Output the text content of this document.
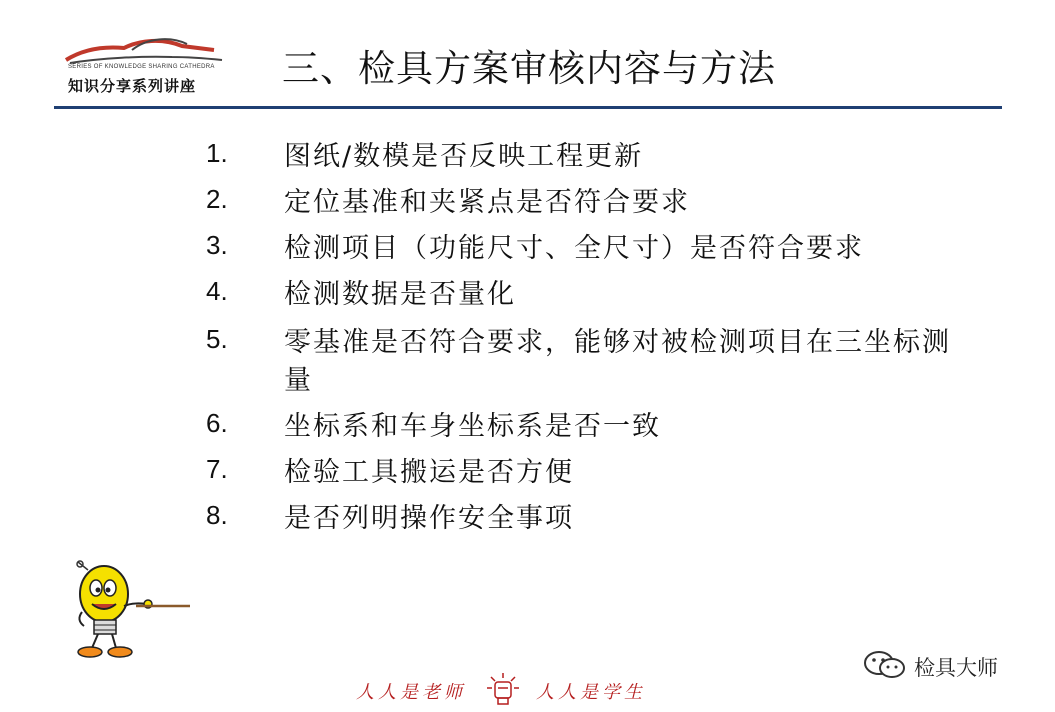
SERIES OF KNOWLEDGE SHARING CATHEDRA
知识分享系列讲座 三、检具方案审核内容与方法
1. 图纸/数模是否反映工程更新
2. 定位基准和夹紧点是否符合要求
3. 检测项目（功能尺寸、全尺寸）是否符合要求
4. 检测数据是否量化
5. 零基准是否符合要求，能够对被检测项目在三坐标测量
6. 坐标系和车身坐标系是否一致
7. 检验工具搬运是否方便
8. 是否列明操作安全事项
人人是老师	人人是学生
检具大师
